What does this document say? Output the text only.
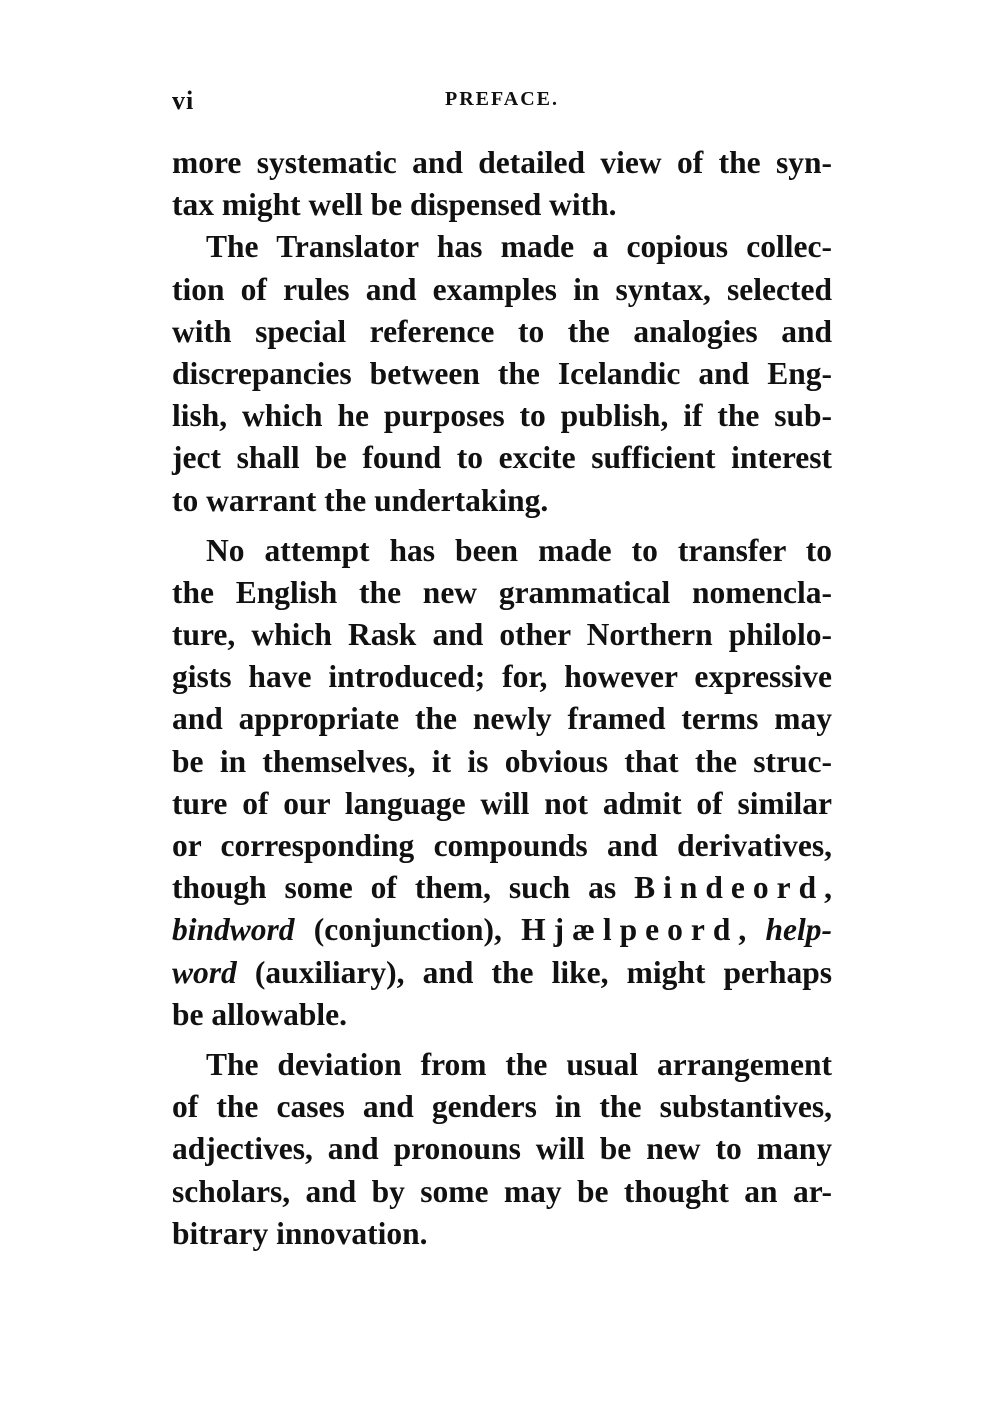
vi	PREFACE.
more systematic and detailed view of the syn-
tax might well be dispensed with.
The Translator has made a copious collec-
tion of rules and examples in syntax, selected
with special reference to the analogies and
discrepancies between the Icelandic and Eng-
lish, which he purposes to publish, if the sub-
ject shall be found to excite sufficient interest
to warrant the undertaking.
No attempt has been made to transfer to
the English the new grammatical nomencla-
ture, which Rask and other Northern philolo-
gists have introduced; for, however expressive
and appropriate the newly framed terms may
be in themselves, it is obvious that the struc-
ture of our language will not admit of similar
or corresponding compounds and derivatives,
though some of them, such as Bindeord,
bindword (conjunction), Hjælpeord, help-
word (auxiliary), and the like, might perhaps
be allowable.
The deviation from the usual arrangement
of the cases and genders in the substantives,
adjectives, and pronouns will be new to many
scholars, and by some may be thought an ar-
bitrary innovation.
